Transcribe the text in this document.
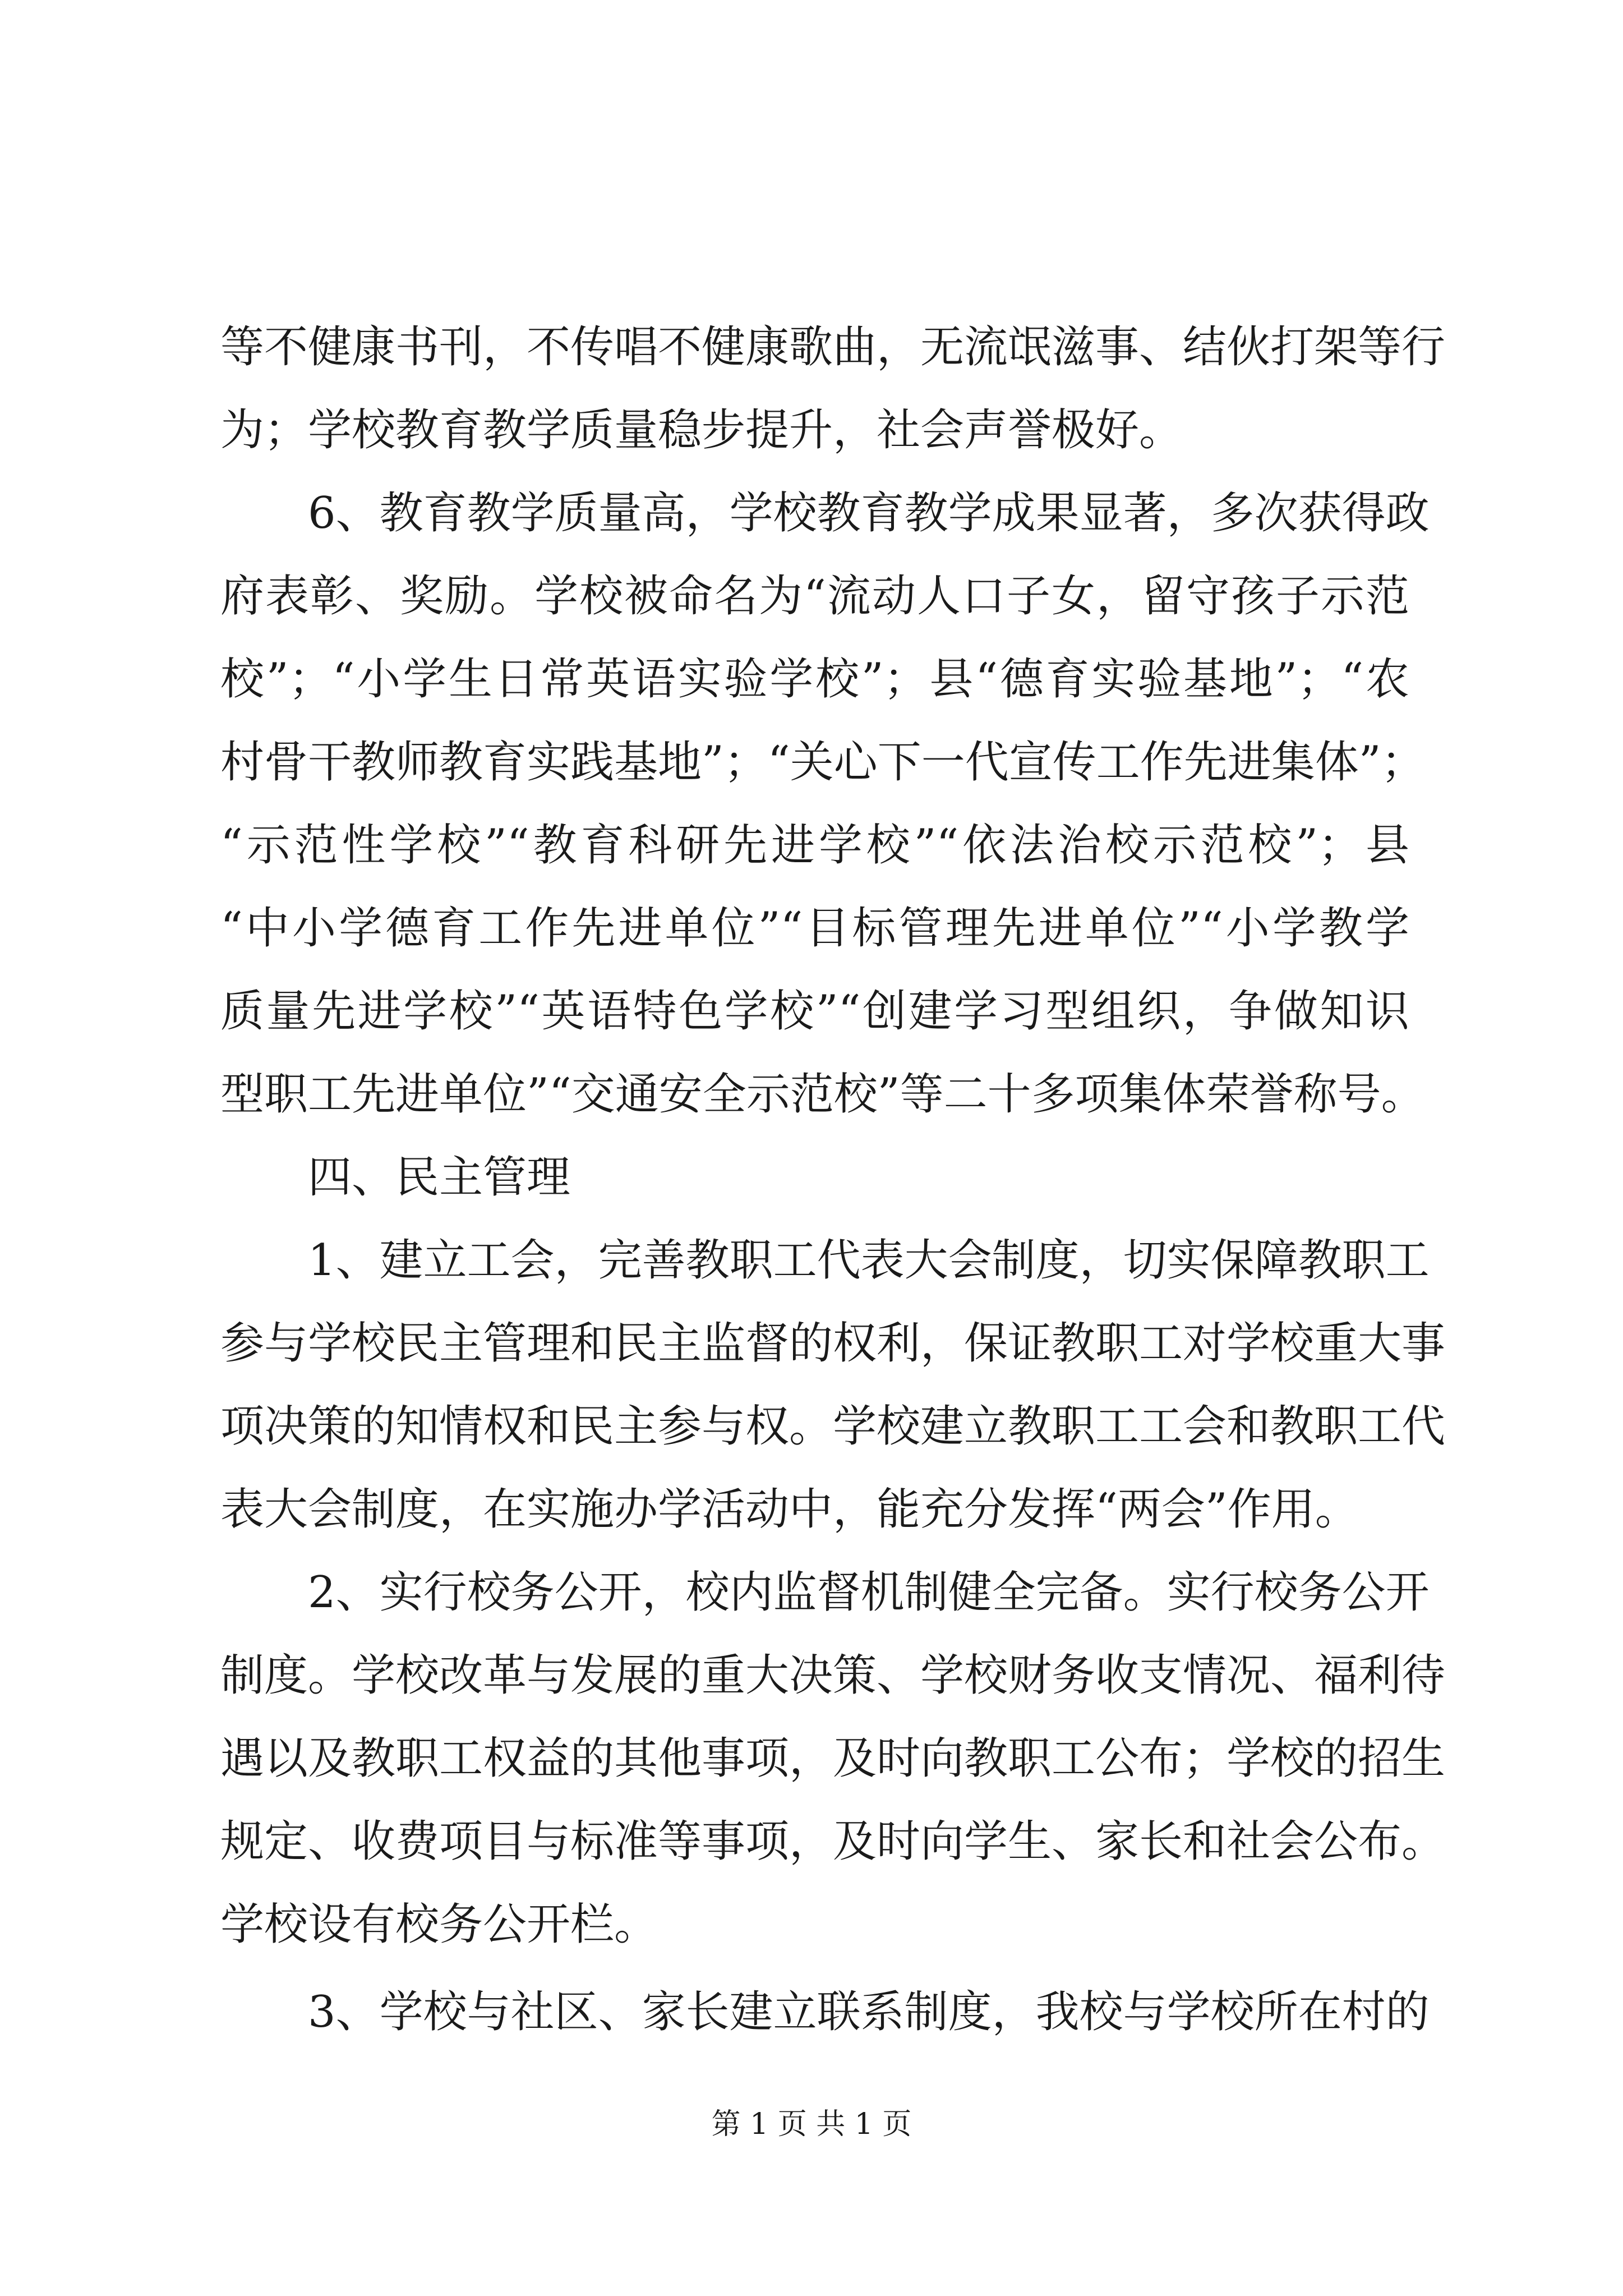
等不健康书刊，不传唱不健康歌曲，无流氓滋事、结伙打架等行
为；学校教育教学质量稳步提升，社会声誉极好。
6、教育教学质量高，学校教育教学成果显著，多次获得政
府表彰、奖励。学校被命名为“流动人口子女，留守孩子示范
校”；“小学生日常英语实验学校”；县“德育实验基地”；“农
村骨干教师教育实践基地”；“关心下一代宣传工作先进集体”；
“示范性学校”“教育科研先进学校”“依法治校示范校”；县
“中小学德育工作先进单位”“目标管理先进单位”“小学教学
质量先进学校”“英语特色学校”“创建学习型组织，争做知识
型职工先进单位”“交通安全示范校”等二十多项集体荣誉称号。
四、民主管理
1、建立工会，完善教职工代表大会制度，切实保障教职工
参与学校民主管理和民主监督的权利，保证教职工对学校重大事
项决策的知情权和民主参与权。学校建立教职工工会和教职工代
表大会制度，在实施办学活动中，能充分发挥“两会”作用。
2、实行校务公开，校内监督机制健全完备。实行校务公开
制度。学校改革与发展的重大决策、学校财务收支情况、福利待
遇以及教职工权益的其他事项，及时向教职工公布；学校的招生
规定、收费项目与标准等事项，及时向学生、家长和社会公布。
学校设有校务公开栏。
3、学校与社区、家长建立联系制度，我校与学校所在村的
第 1 页 共 1 页
